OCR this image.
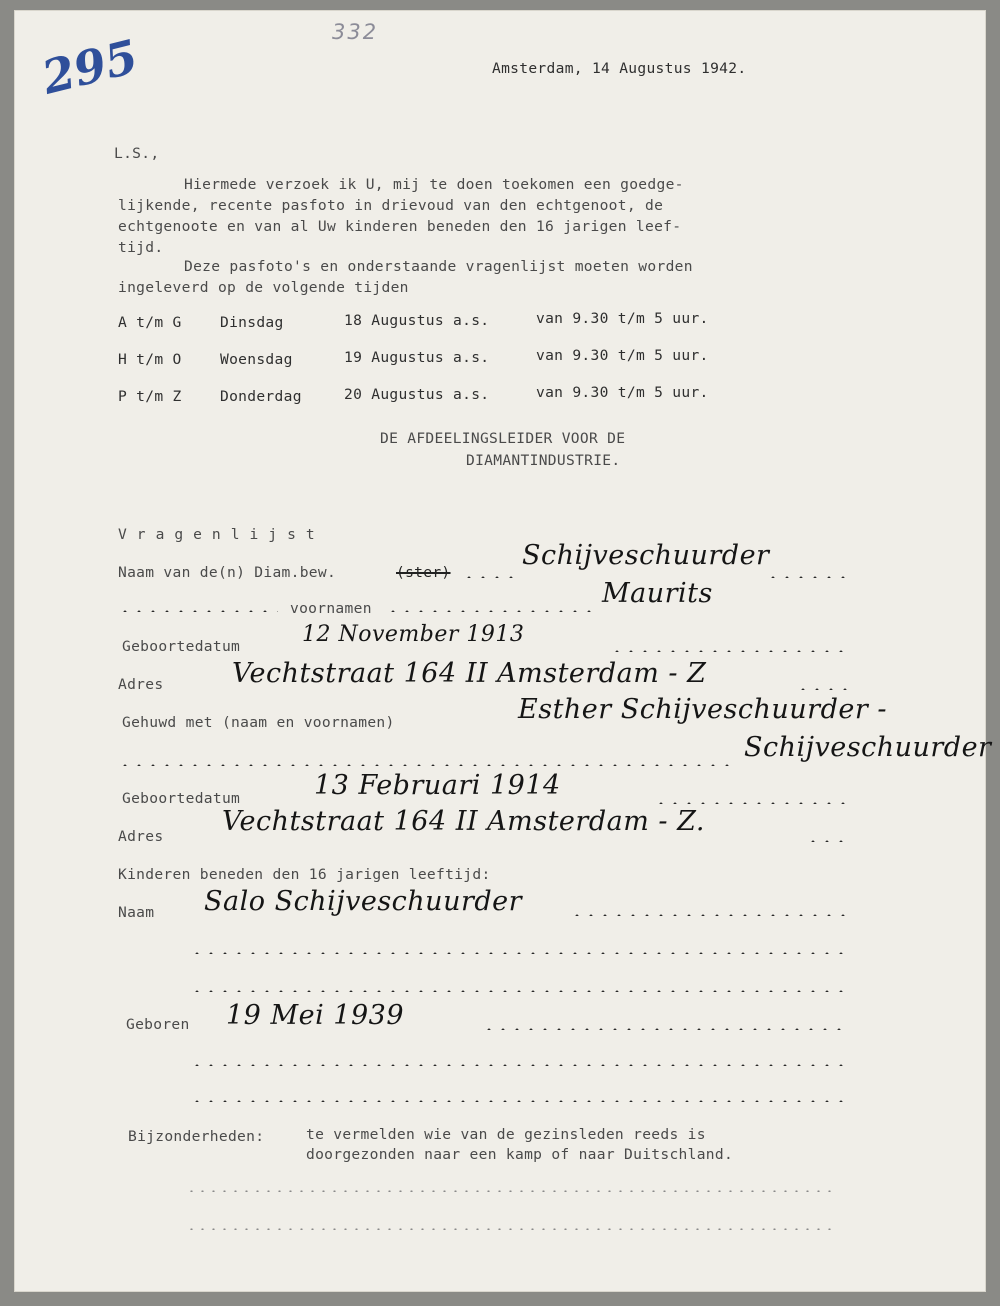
295	332
Amsterdam, 14 Augustus 1942.
L.S.,
Hiermede verzoek ik U, mij te doen toekomen een goedge-
lijkende, recente pasfoto in drievoud van den echtgenoot, de
echtgenoote en van al Uw kinderen beneden den 16 jarigen leef-
tijd.
Deze pasfoto's en onderstaande vragenlijst moeten worden
ingeleverd op de volgende tijden
A t/m G	Dinsdag	18 Augustus a.s.	van 9.30 t/m 5 uur.
H t/m O	Woensdag	19 Augustus a.s.	van 9.30 t/m 5 uur.
P t/m Z	Donderdag	20 Augustus a.s.	van 9.30 t/m 5 uur.
DE AFDEELINGSLEIDER VOOR DE
DIAMANTINDUSTRIE.
Vragenlijst
Naam van de(n) Diam.bew.	(ster)
Schijveschuurder
voornamen	Maurits
Geboortedatum	12 November 1913
Adres	Vechtstraat 164 II Amsterdam - Z
Gehuwd met (naam en voornamen)	Esther Schijveschuurder -
Schijveschuurder
Geboortedatum	13 Februari 1914
Adres Vechtstraat 164 II Amsterdam - Z.
Kinderen beneden den 16 jarigen leeftijd:
Naam Salo Schijveschuurder
Geboren 19 Mei 1939
Bijzonderheden:	te vermelden wie van de gezinsleden reeds is
doorgezonden naar een kamp of naar Duitschland.
